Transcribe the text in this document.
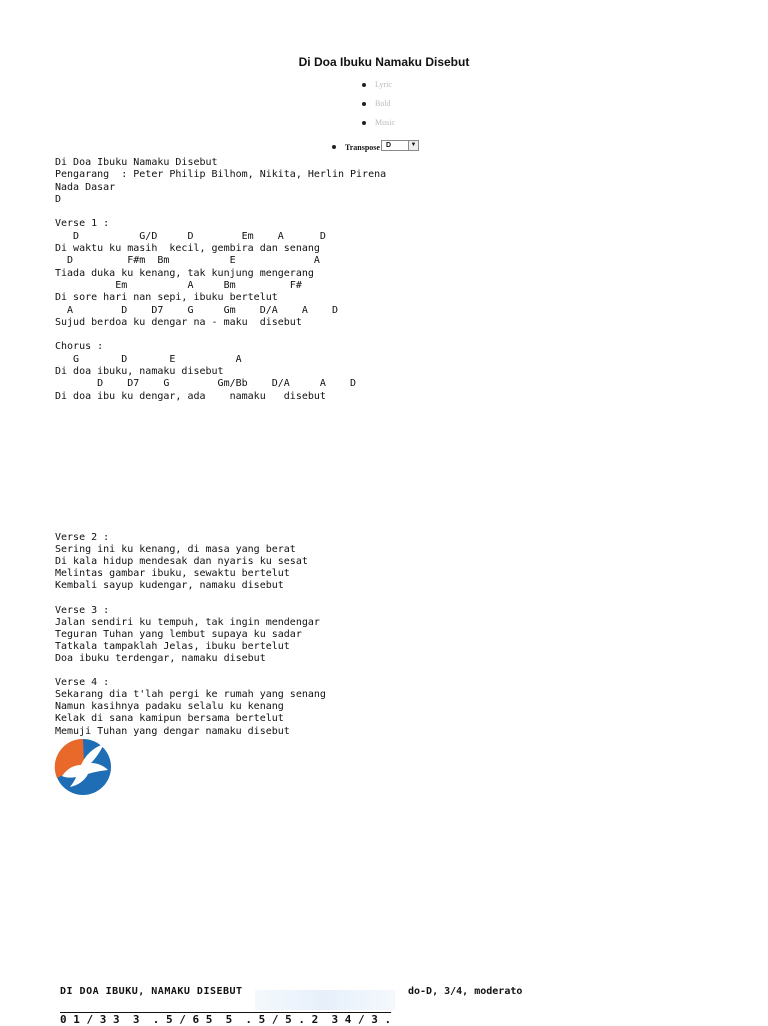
Di Doa Ibuku Namaku Disebut
Lyric
Bold
Music
Transpose D	▼
Di Doa Ibuku Namaku Disebut
Pengarang  : Peter Philip Bilhom, Nikita, Herlin Pirena
Nada Dasar
D

Verse 1 :
D          G/D     D        Em    A      D
Di waktu ku masih  kecil, gembira dan senang
D         F#m  Bm          E             A
Tiada duka ku kenang, tak kunjung mengerang
Em          A     Bm         F#
Di sore hari nan sepi, ibuku bertelut
A        D    D7    G     Gm    D/A    A    D
Sujud berdoa ku dengar na - maku  disebut

Chorus :
G       D       E          A
Di doa ibuku, namaku disebut
D    D7    G        Gm/Bb    D/A     A    D
Di doa ibu ku dengar, ada    namaku   disebut
Verse 2 :
Sering ini ku kenang, di masa yang berat
Di kala hidup mendesak dan nyaris ku sesat
Melintas gambar ibuku, sewaktu bertelut
Kembali sayup kudengar, namaku disebut

Verse 3 :
Jalan sendiri ku tempuh, tak ingin mendengar
Teguran Tuhan yang lembut supaya ku sadar
Tatkala tampaklah Jelas, ibuku bertelut
Doa ibuku terdengar, namaku disebut

Verse 4 :
Sekarang dia t'lah pergi ke rumah yang senang
Namun kasihnya padaku selalu ku kenang
Kelak di sana kamipun bersama bertelut
Memuji Tuhan yang dengar namaku disebut
DI DOA IBUKU, NAMAKU DISEBUT	do-D, 3/4, moderato
0 1 / 3 3  3  . 5 / 6 5  5  . 5 / 5 . 2  3 4 / 3 .
